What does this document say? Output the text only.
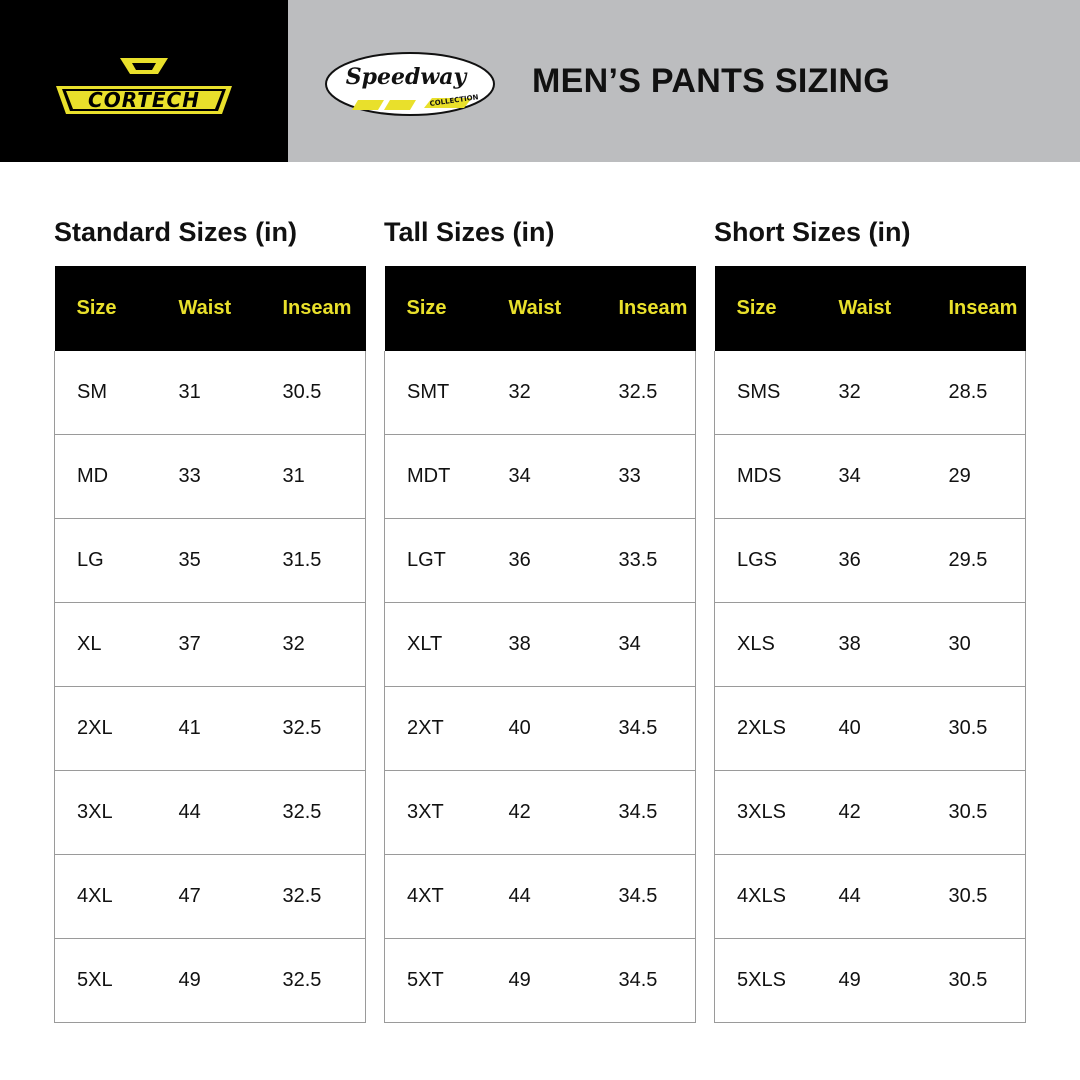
CORTECH
Speedway
COLLECTION
MEN’S PANTS SIZING
Standard Sizes (in)
Size	Waist	Inseam
SM	31	30.5
MD	33	31
LG	35	31.5
XL	37	32
2XL	41	32.5
3XL	44	32.5
4XL	47	32.5
5XL	49	32.5
Tall Sizes (in)
Size	Waist	Inseam
SMT	32	32.5
MDT	34	33
LGT	36	33.5
XLT	38	34
2XT	40	34.5
3XT	42	34.5
4XT	44	34.5
5XT	49	34.5
Short Sizes (in)
Size	Waist	Inseam
SMS	32	28.5
MDS	34	29
LGS	36	29.5
XLS	38	30
2XLS	40	30.5
3XLS	42	30.5
4XLS	44	30.5
5XLS	49	30.5
